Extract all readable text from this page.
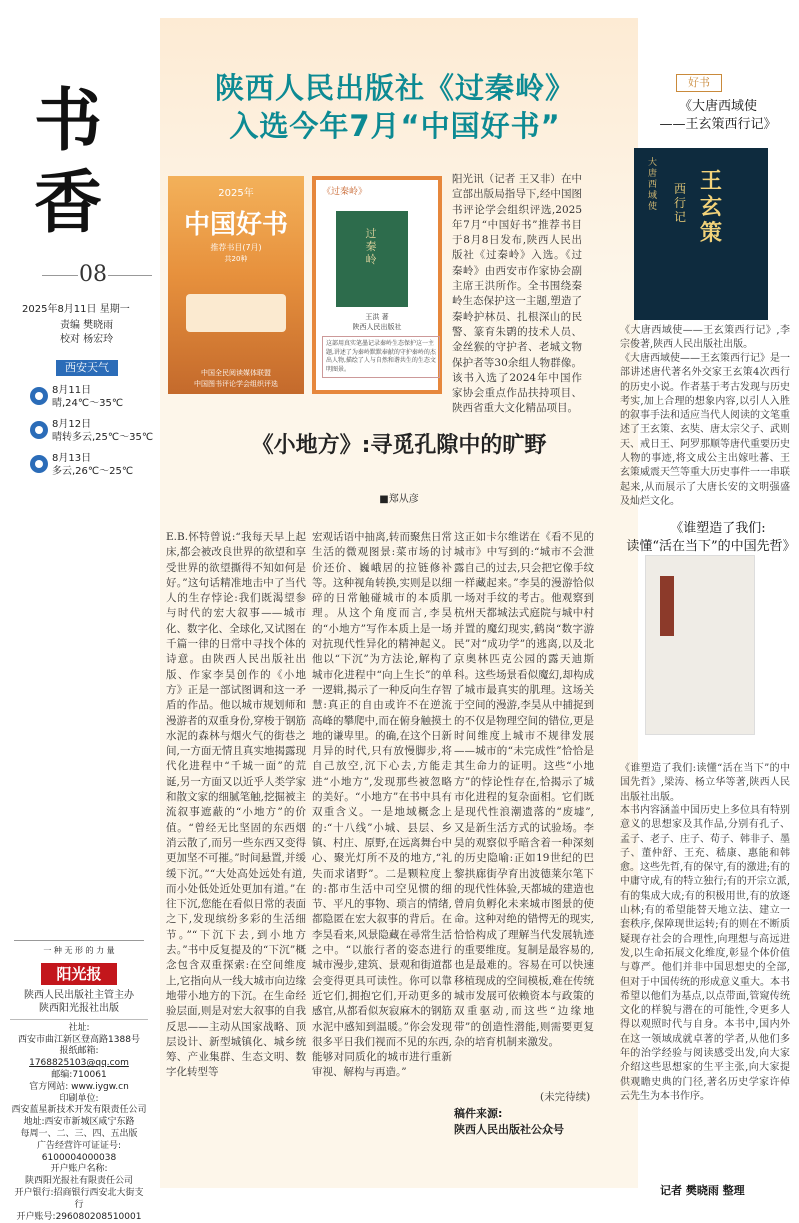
书
香
08
2025年8月11日 星期一
责编 樊晓雨
校对 杨宏玲
西安天气
8月11日
晴,24℃～35℃
8月12日
晴转多云,25℃～35℃
8月13日
多云,26℃～25℃
一 种 无 形 的 力 量
阳光报
陕西人民出版社主管主办
陕西阳光报社出版
社址:
西安市曲江新区登高路1388号
报纸邮箱:
1768825103@qq.com
邮编:710061
官方网站: www.iygw.cn
印刷单位:
西安蓝星新技术开发有限责任公司
地址:西安市新城区咸宁东路
每周一、二、三、四、五出版
广告经营许可证证号:
6100004000038
开户账户名称:
陕西阳光报社有限责任公司
开户银行:招商银行西安北大街支行
开户账号:296080208510001
陕西人民出版社《过秦岭》
入选今年7月“中国好书”
2025年
中国好书
推荐书目(7月)
共20种
中国全民阅读媒体联盟
中国图书评论学会组织评选
《过秦岭》
过秦岭
王洪 著
陕西人民出版社
这部用真实笔墨记录秦岭生态保护这一主题,讲述了为秦岭默默奉献的守护秦岭的杰出人物,描绘了人与自然和谐共生的生态文明图景。
阳光讯（记者 王又非）在中宣部出版局指导下,经中国图书评论学会组织评选,2025年7月“中国好书”推荐书目于8月8日发布,陕西人民出版社《过秦岭》入选。《过秦岭》由西安市作家协会副主席王洪所作。全书围绕秦岭生态保护这一主题,塑造了秦岭护林员、扎根深山的民警、篆育朱鹮的技术人员、金丝猴的守护者、老城文物保护者等30余组人物群像。该书入选了2024年中国作家协会重点作品扶持项目、陕西省重大文化精品项目。
《小地方》:寻觅孔隙中的旷野
■郑从彦
E.B.怀特曾说:“我每天早上起床,都会被改良世界的欲望和享受世界的欲望撕得不知如何是好。”这句话精准地击中了当代人的生存悖论:我们既渴望参与时代的宏大叙事——城市化、数字化、全球化,又试图在千篇一律的日常中寻找个体的诗意。由陕西人民出版社出版、作家李昊创作的《小地方》正是一部试图调和这一矛盾的作品。他以城市规划师和漫游者的双重身份,穿梭于钢筋水泥的森林与烟火气的街巷之间,一方面无情且真实地揭露现代化进程中“千城一面”的荒诞,另一方面又以近乎人类学家和散文家的细腻笔触,挖掘被主流叙事遮蔽的“小地方”的价值。“曾经无比坚固的东西烟消云散了,而另一些东西又变得更加坚不可摧。”时间悬置,并缓缓下沉。”“大处高处远处有道,而小处低处近处更加有道。”在往下沉,您能在看似日常的表面之下,发现缤纷多彩的生活细节。”“下沉下去,到小地方去。”书中反复提及的“下沉”概念包含双重探索:在空间维度上,它指向从一线大城市向边缘地带小地方的下沉。在生命经验层面,则是对宏大叙事的自我反思——主动从国家战略、顶层设计、新型城镇化、城乡统筹、产业集群、生态文明、数字化转型等
宏观话语中抽离,转而聚焦日常生活的微观图景:菜市场的讨价还价、巍峨居的拉链修补等。这种视角转换,实则是以细碎的日常触碰城市的本质肌理。从这个角度而言,李昊的“小地方”写作本质上是一场对抗现代性异化的精神起义。他以“下沉”为方法论,解构了城市化进程中“向上生长”的单一逻辑,揭示了一种反向生存智慧:真正的自由或许不在逆流高峰的攀爬中,而在俯身触摸土地的谦卑里。的确,在这个日新月异的时代,只有放慢脚步,将自己放空,沉下心去,方能走进“小地方”,发现那些被忽略的美好。“小地方”在书中具有双重含义。一是地域概念上的:“十八线”小城、县层、乡镇、村庄、原野,在远离舞台中心、聚光灯所不及的地方,“礼失而求诸野”。二是颗粒度上的:都市生活中司空见惯的细节、平凡的事物、琐言的情绪,都隐匿在宏大叙事的背后。在李昊看来,风景隐藏在尋常生活之中。“以旅行者的姿态进行城市漫步,建筑、景观和街道都会变得更具可读性。你可以靠近它们,拥抱它们,开动更多的感官,从都看似灰寂麻木的钢筋水泥中感知到温暖。”你会发现很多平日我们视而不见的东西,能够对同质化的城市进行重新审视、解构与再造。”
这正如卡尔维诺在《看不见的城市》中写到的:“城市不会泄露自己的过去,只会把它像手纹一样藏起来。”李昊的漫游恰似一场对手纹的考古。他观察到杭州天都城法式庭院与城中村并置的魔幻现实,鹤岗“数字游民”对“成功学”的逃离,以及北京奥林匹克公园的露天迪斯科。这些场景看似魔幻,却构成了城市最真实的肌理。这场关于空间的漫游,李昊从中捕捉到的不仅是物理空间的错位,更是时间维度上城市不规律发展——城市的“未完成性”恰恰是其生命力的证明。这些“小地方”的悖论性存在,恰揭示了城市化进程的复杂面相。它们既是现代性浪潮遗落的“废墟”,又是新生活方式的试验场。李昊的观察似乎暗含着一种深刻的历史隐喻:正如19世纪的巴黎拱廊街孕育出波德莱尔笔下的现代性体验,天都城的建造也曾肩负孵化未来城市图景的使命。这种对绝的错愕无的现实,恰恰构成了理解当代发展轨迹的重要维度。复制是最容易的,也是最难的。容易在可以快速移植现成的空间模板,难在传统城市发展可依赖资本与政策的双重驱动,而这些“边缘地带”的创造性潜能,则需要更复杂的培育机制来激发。
(未完待续)
稿件来源:
陕西人民出版社公众号
好书
《大唐西域使
——王玄策西行记》
大唐西域使
王玄策
西行记
《大唐西域使——王玄策西行记》,李宗俊著,陕西人民出版社出版。
《大唐西域使——王玄策西行记》是一部讲述唐代著名外交家王玄策4次西行的历史小说。作者基于考古发现与历史考实,加上合理的想象内容,以引人入胜的叙事手法和适应当代人阅读的文笔重述了王玄策、玄奘、唐太宗父子、武则天、戒日王、阿罗那顺等唐代重要历史人物的事迹,将文成公主出嫁吐蕃、王玄策威震天竺等重大历史事件一一串联起来,从而展示了大唐长安的文明强盛及灿烂文化。
《谁塑造了我们:
读懂“活在当下”的中国先哲》
《谁塑造了我们:读懂“活在当下”的中国先哲》,梁涛、杨立华等著,陕西人民出版社出版。
本书内容涵盖中国历史上多位具有特别意义的思想家及其作品,分别有孔子、孟子、老子、庄子、荀子、韩非子、墨子、董仲舒、王充、嵇康、惠能和韩愈。这些先哲,有的保守,有的激进;有的中庸守成,有的特立独行;有的开宗立派,有的集成大成;有的积极用世,有的放逐山林;有的希望能替天地立法、建立一套秩序,保障现世运转;有的则在不断质疑现存社会的合理性,向理想与高远进发,以生命拓展文化维度,彰显个体价值与尊严。他们并非中国思想史的全部,但对于中国传统的形成意义重大。本书希望以他们为基点,以点带面,管窥传统文化的样貌与潜在的可能性,令更多人得以观照时代与自身。本书中,国内外在这一领域成就卓著的学者,从他们多年的治学经验与阅读感受出发,向大家介绍这些思想家的生平主张,向大家提供观瞻史典的门径,著名历史学家许倬云先生为本书作序。
记者 樊晓雨 整理
